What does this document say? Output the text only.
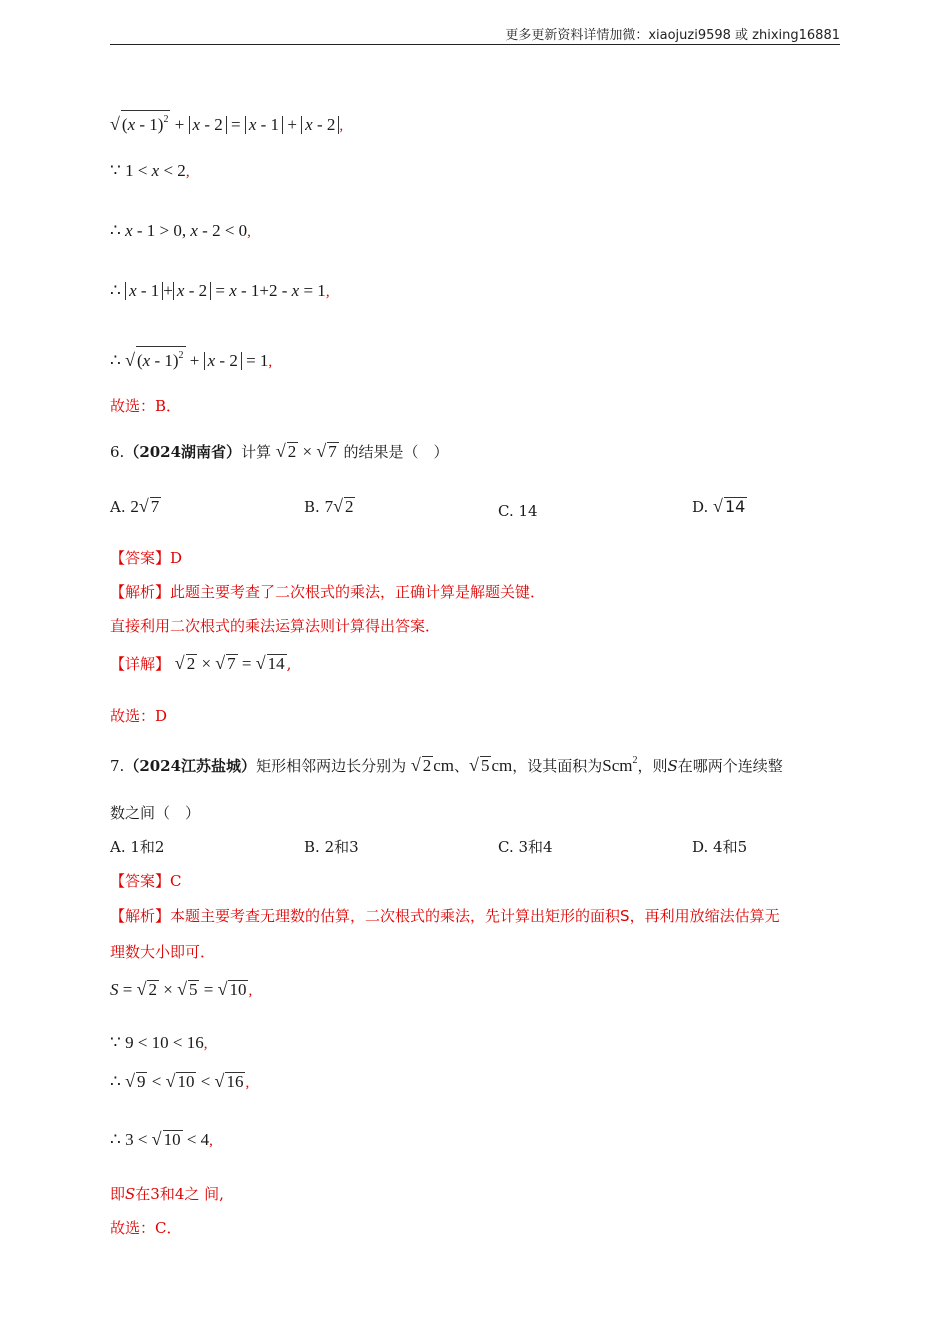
更多更新资料详情加微：xiaojuzi9598 或 zhixing16881
√ (x - 1)$^2$ + x - 2 = x - 1 + x - 2 ,
∵ 1 < x < 2,
∴ x - 1 > 0, x - 2 < 0,
∴ x - 1 + x - 2 = x - 1+2 - x = 1,
∴ √ (x - 1)$^2$ + x - 2 = 1,
故选：B．
6.（2024湖南省）计算 √ 2 × √ 7 的结果是（　）
A. 2√ 7	B. 7√ 2	C. 14	D. √ 14
【答案】D
【解析】此题主要考查了二次根式的乘法，正确计算是解题关键．
直接利用二次根式的乘法运算法则计算得出答案．
【详解】 √ 2 × √ 7 = √ 14 ,
故选：D
7.（2024江苏盐城）矩形相邻两边长分别为 √ 2 cm、√ 5 cm，设其面积为Scm$^2$，则S在哪两个连续整
数之间（　）
A. 1和2	B. 2和3	C. 3和4	D. 4和5
【答案】C
【解析】本题主要考查无理数的估算，二次根式的乘法，先计算出矩形的面积S，再利用放缩法估算无
理数大小即可．
S = √ 2 × √ 5 = √ 10 ,
∵ 9 < 10 < 16,
∴ √ 9 < √ 10 < √ 16 ,
∴ 3 < √ 10 < 4,
即S在3和4之 间,
故选：C．
